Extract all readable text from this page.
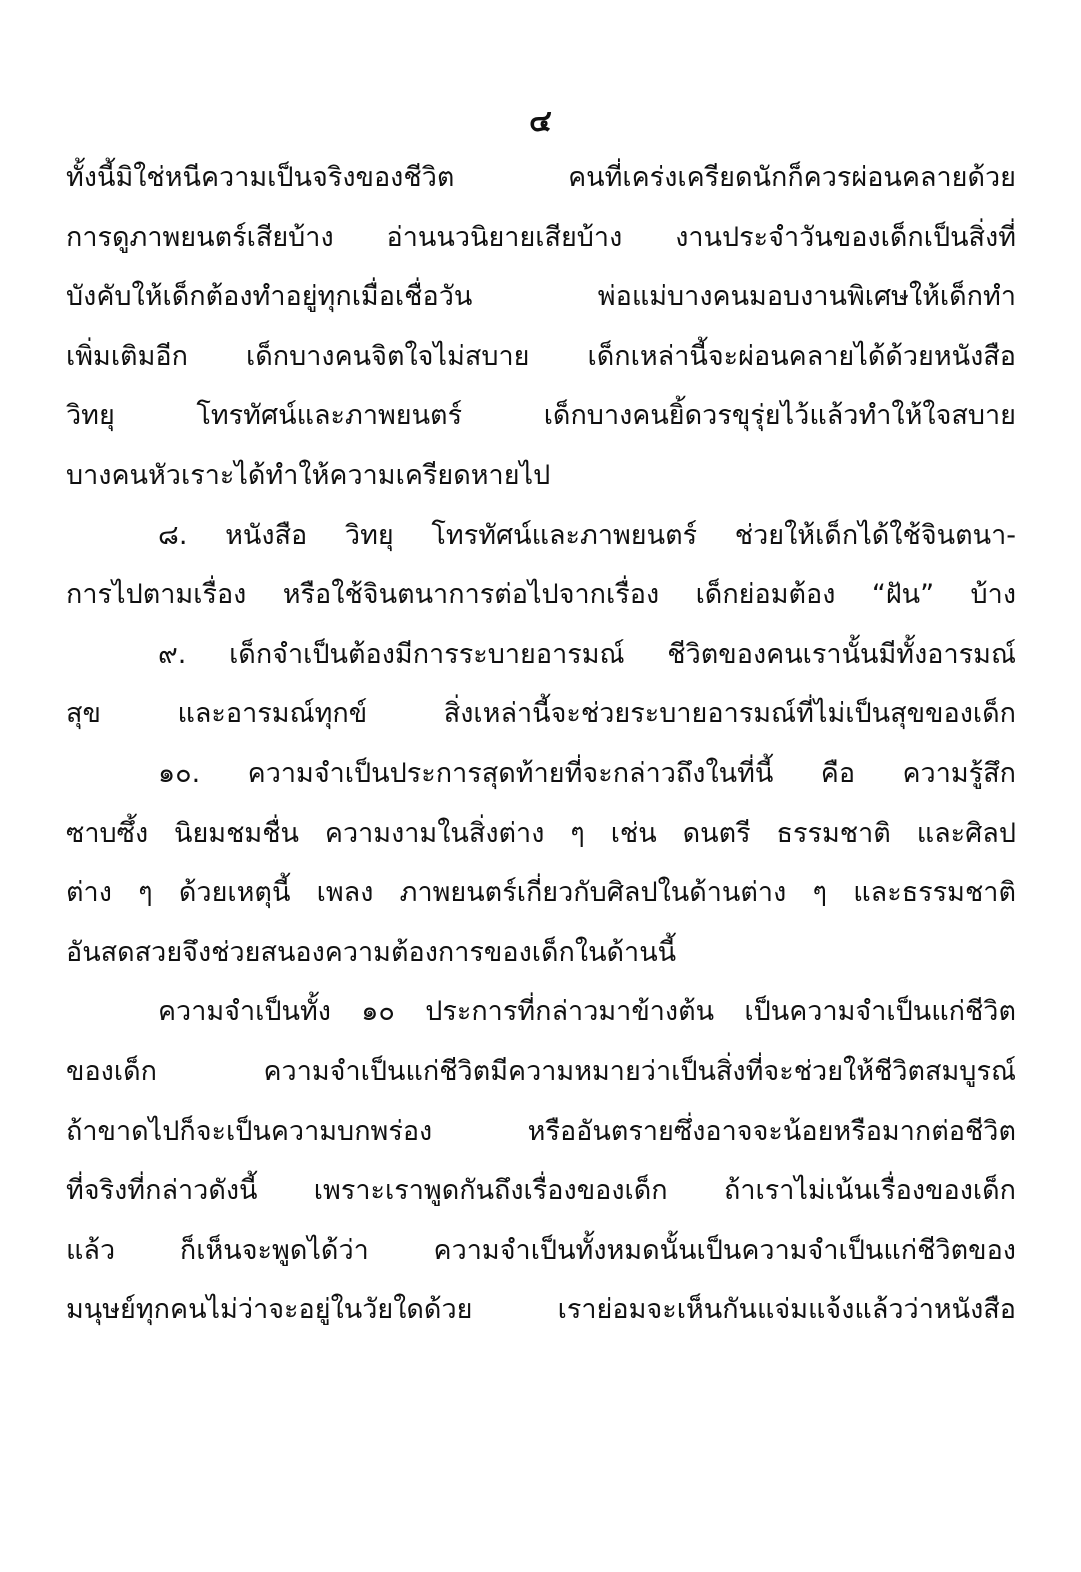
๔
ทั้งนี้มิใช่หนีความเป็นจริงของชีวิต คนที่เคร่งเครียดนักก็ควรผ่อนคลายด้วย
การดูภาพยนตร์เสียบ้าง อ่านนวนิยายเสียบ้าง งานประจำวันของเด็กเป็นสิ่งที่
บังคับให้เด็กต้องทำอยู่ทุกเมื่อเชื่อวัน พ่อแม่บางคนมอบงานพิเศษให้เด็กทำ
เพิ่มเติมอีก เด็กบางคนจิตใจไม่สบาย เด็กเหล่านี้จะผ่อนคลายได้ด้วยหนังสือ
วิทยุ โทรทัศน์และภาพยนตร์ เด็กบางคนยิ้ดวรขุรุ่ยไว้แล้วทำให้ใจสบาย
บางคนหัวเราะได้ทำให้ความเครียดหายไป
๘. หนังสือ วิทยุ โทรทัศน์และภาพยนตร์ ช่วยให้เด็กได้ใช้จินตนา-
การไปตามเรื่อง หรือใช้จินตนาการต่อไปจากเรื่อง เด็กย่อมต้อง “ฝัน” บ้าง
๙. เด็กจำเป็นต้องมีการระบายอารมณ์ ชีวิตของคนเรานั้นมีทั้งอารมณ์
สุข และอารมณ์ทุกข์ สิ่งเหล่านี้จะช่วยระบายอารมณ์ที่ไม่เป็นสุขของเด็ก
๑๐. ความจำเป็นประการสุดท้ายที่จะกล่าวถึงในที่นี้ คือ ความรู้สึก
ซาบซึ้ง นิยมชมชื่น ความงามในสิ่งต่าง ๆ เช่น ดนตรี ธรรมชาติ และศิลป
ต่าง ๆ ด้วยเหตุนี้ เพลง ภาพยนตร์เกี่ยวกับศิลปในด้านต่าง ๆ และธรรมชาติ
อันสดสวยจึงช่วยสนองความต้องการของเด็กในด้านนี้
ความจำเป็นทั้ง ๑๐ ประการที่กล่าวมาข้างต้น เป็นความจำเป็นแก่ชีวิต
ของเด็ก ความจำเป็นแก่ชีวิตมีความหมายว่าเป็นสิ่งที่จะช่วยให้ชีวิตสมบูรณ์
ถ้าขาดไปก็จะเป็นความบกพร่อง หรืออันตรายซึ่งอาจจะน้อยหรือมากต่อชีวิต
ที่จริงที่กล่าวดังนี้ เพราะเราพูดกันถึงเรื่องของเด็ก ถ้าเราไม่เน้นเรื่องของเด็ก
แล้ว ก็เห็นจะพูดได้ว่า ความจำเป็นทั้งหมดนั้นเป็นความจำเป็นแก่ชีวิตของ
มนุษย์ทุกคนไม่ว่าจะอยู่ในวัยใดด้วย เราย่อมจะเห็นกันแจ่มแจ้งแล้วว่าหนังสือ
